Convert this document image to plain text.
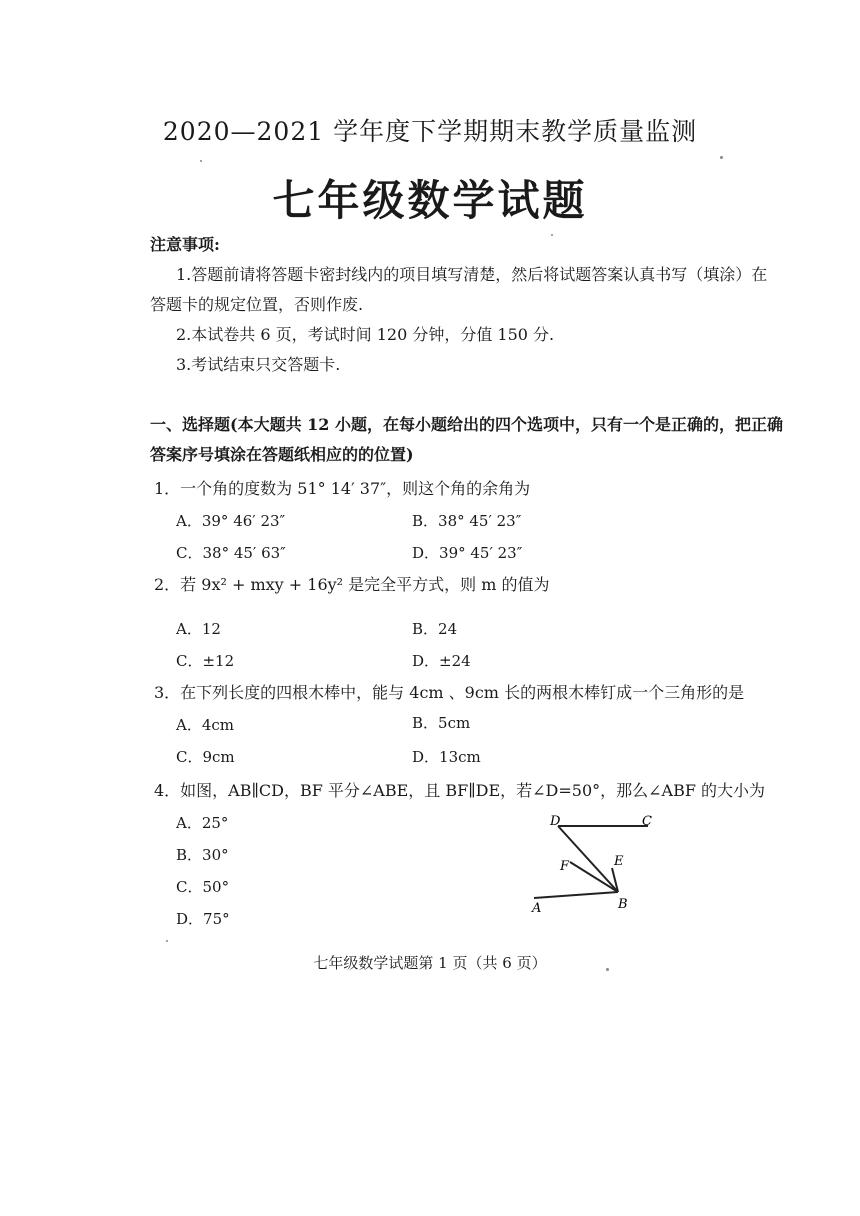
2020—2021 学年度下学期期末教学质量监测
七年级数学试题
注意事项:
1.答题前请将答题卡密封线内的项目填写清楚，然后将试题答案认真书写（填涂）在
答题卡的规定位置，否则作废.
2.本试卷共 6 页，考试时间 120 分钟，分值 150 分.
3.考试结束只交答题卡.
一、选择题(本大题共 12 小题，在每小题给出的四个选项中，只有一个是正确的，把正确
答案序号填涂在答题纸相应的的位置)
1．一个角的度数为 51° 14′ 37″，则这个角的余角为
A．39° 46′ 23″	B．38° 45′ 23″
C．38° 45′ 63″	D．39° 45′ 23″
2．若 9x² + mxy + 16y² 是完全平方式，则 m 的值为
A．12	B．24
C．±12	D．±24
3．在下列长度的四根木棒中，能与 4cm 、9cm 长的两根木棒钉成一个三角形的是
A．4cm	B．5cm
C．9cm	D．13cm
4．如图，AB∥CD，BF 平分∠ABE，且 BF∥DE，若∠D=50°，那么∠ABF 的大小为
A．25°
B．30°
C．50°
D．75°
D	C
E
F
A	B
七年级数学试题第 1 页（共 6 页）
